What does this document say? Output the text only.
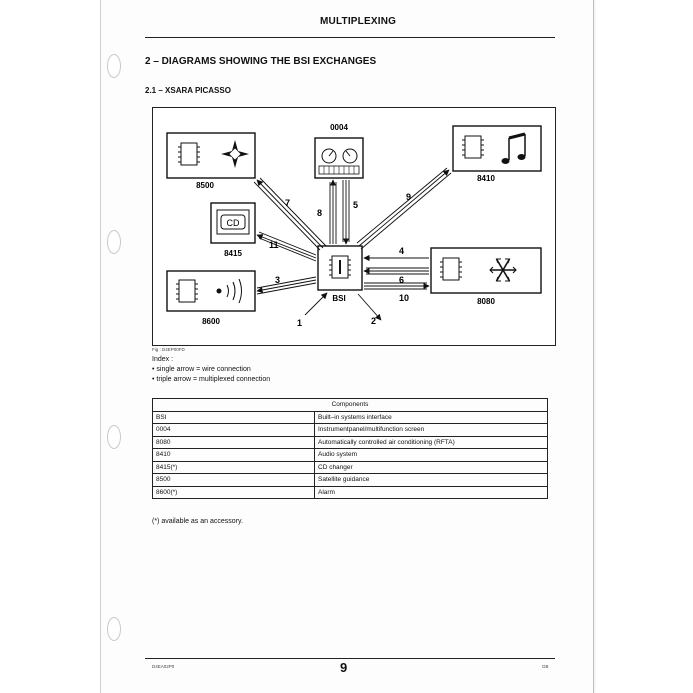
MULTIPLEXING
2 – DIAGRAMS SHOWING THE BSI EXCHANGES
2.1 – XSARA PICASSO
8500
0004
8410
CD
8415
BSI	8080
8600
7
8
5
9
11
4
3	6
10
1	2
Fig : D4EP00FD
Index :
• single arrow = wire connection
• triple arrow = multiplexed connection
Components	
BSI	Built–in systems interface
0004	Instrumentpanel/multifunction screen
8080	Automatically controlled air conditioning (RFTA)
8410	Audio system
8415(*)	CD changer
8500	Satellite guidance
8600(*)	Alarm
(*) available as an accessory.
D4EA02P0	9	GB
